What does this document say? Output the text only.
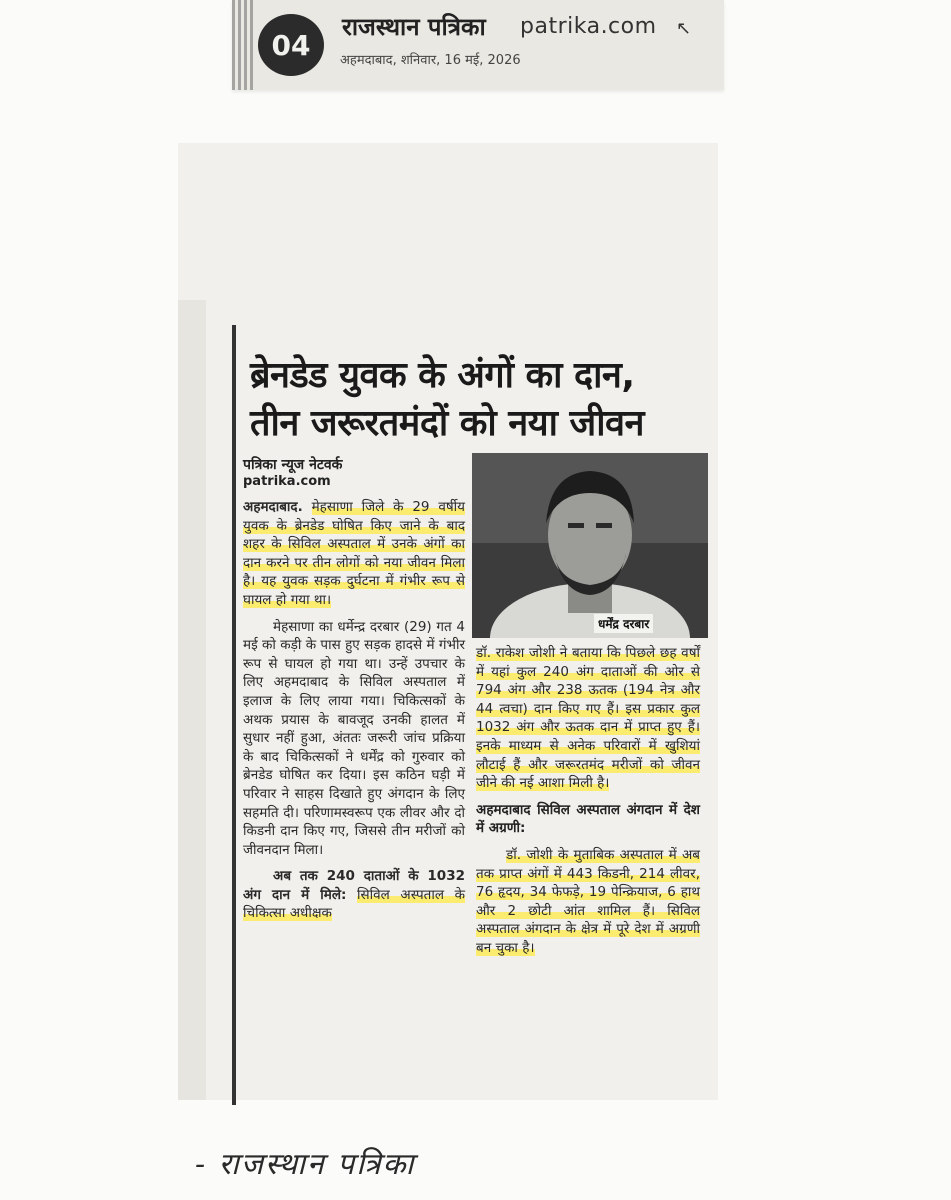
04
राजस्थान पत्रिका patrika.com ↖
अहमदाबाद, शनिवार, 16 मई, 2026
ब्रेनडेड युवक के अंगों का दान,
तीन जरूरतमंदों को नया जीवन
पत्रिका न्यूज नेटवर्क
patrika.com
धर्मेंद्र दरबार

अहमदाबाद. मेहसाणा जिले के 29 वर्षीय युवक के ब्रेनडेड घोषित किए जाने के बाद शहर के सिविल अस्पताल में उनके अंगों का दान करने पर तीन लोगों को नया जीवन मिला है। यह युवक सड़क दुर्घटना में गंभीर रूप से घायल हो गया था।

मेहसाणा का धर्मेन्द्र दरबार (29) गत 4 मई को कड़ी के पास हुए सड़क हादसे में गंभीर रूप से घायल हो गया था। उन्हें उपचार के लिए अहमदाबाद के सिविल अस्पताल में इलाज के लिए लाया गया। चिकित्सकों के अथक प्रयास के बावजूद उनकी हालत में सुधार नहीं हुआ, अंततः जरूरी जांच प्रक्रिया के बाद चिकित्सकों ने धर्मेंद्र को गुरुवार को ब्रेनडेड घोषित कर दिया। इस कठिन घड़ी में परिवार ने साहस दिखाते हुए अंगदान के लिए सहमति दी। परिणामस्वरूप एक लीवर और दो किडनी दान किए गए, जिससे तीन मरीजों को जीवनदान मिला।

अब तक 240 दाताओं के 1032 अंग दान में मिले: सिविल अस्पताल के चिकित्सा अधीक्षक

डॉ. राकेश जोशी ने बताया कि पिछले छह वर्षों में यहां कुल 240 अंग दाताओं की ओर से 794 अंग और 238 ऊतक (194 नेत्र और 44 त्वचा) दान किए गए हैं। इस प्रकार कुल 1032 अंग और ऊतक दान में प्राप्त हुए हैं। इनके माध्यम से अनेक परिवारों में खुशियां लौटाई हैं और जरूरतमंद मरीजों को जीवन जीने की नई आशा मिली है।

अहमदाबाद सिविल अस्पताल अंगदान में देश में अग्रणी:

डॉ. जोशी के मुताबिक अस्पताल में अब तक प्राप्त अंगों में 443 किडनी, 214 लीवर, 76 हृदय, 34 फेफड़े, 19 पेन्क्रियाज, 6 हाथ और 2 छोटी आंत शामिल हैं। सिविल अस्पताल अंगदान के क्षेत्र में पूरे देश में अग्रणी बन चुका है।

- राजस्थान पत्रिका
